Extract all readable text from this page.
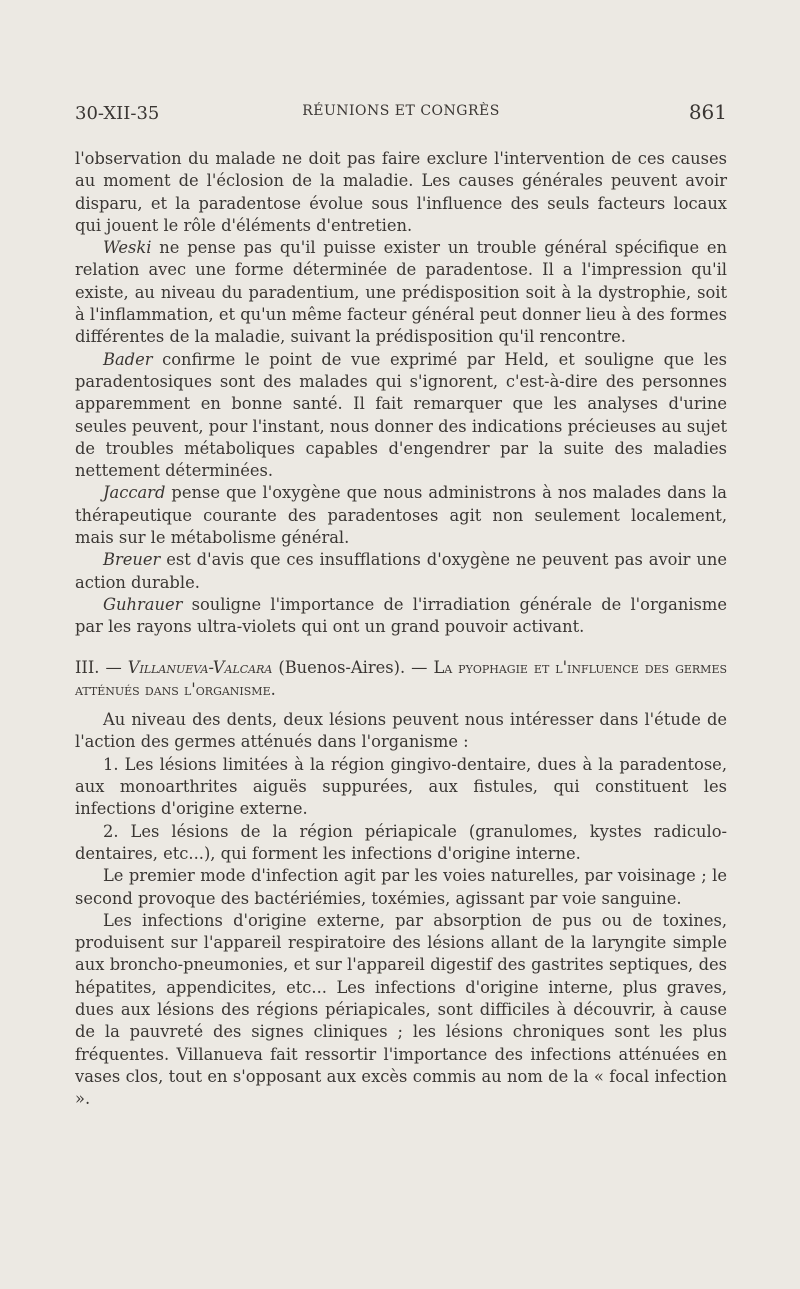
30-XII-35	RÉUNIONS ET CONGRÈS	861

l'observation du malade ne doit pas faire exclure l'intervention de ces causes au moment de l'éclosion de la maladie. Les causes générales peuvent avoir disparu, et la paradentose évolue sous l'influence des seuls facteurs locaux qui jouent le rôle d'éléments d'entretien.

Weski ne pense pas qu'il puisse exister un trouble général spécifique en relation avec une forme déterminée de paradentose. Il a l'impression qu'il existe, au niveau du paradentium, une prédisposition soit à la dystrophie, soit à l'inflammation, et qu'un même facteur général peut donner lieu à des formes différentes de la maladie, suivant la prédisposition qu'il rencontre.

Bader confirme le point de vue exprimé par Held, et souligne que les paradentosiques sont des malades qui s'ignorent, c'est-à-dire des personnes apparemment en bonne santé. Il fait remarquer que les analyses d'urine seules peuvent, pour l'instant, nous donner des indications précieuses au sujet de troubles métaboliques capables d'engendrer par la suite des maladies nettement déterminées.

Jaccard pense que l'oxygène que nous administrons à nos malades dans la thérapeutique courante des paradentoses agit non seulement localement, mais sur le métabolisme général.

Breuer est d'avis que ces insufflations d'oxygène ne peuvent pas avoir une action durable.

Guhrauer souligne l'importance de l'irradiation générale de l'organisme par les rayons ultra-violets qui ont un grand pouvoir activant.

III. — Villanueva-Valcara (Buenos-Aires). — La pyophagie et l'influence des germes atténués dans l'organisme.

Au niveau des dents, deux lésions peuvent nous intéresser dans l'étude de l'action des germes atténués dans l'organisme :

1. Les lésions limitées à la région gingivo-dentaire, dues à la paradentose, aux monoarthrites aiguës suppurées, aux fistules, qui constituent les infections d'origine externe.

2. Les lésions de la région périapicale (granulomes, kystes radiculo-dentaires, etc...), qui forment les infections d'origine interne.

Le premier mode d'infection agit par les voies naturelles, par voisinage ; le second provoque des bactériémies, toxémies, agissant par voie sanguine.

Les infections d'origine externe, par absorption de pus ou de toxines, produisent sur l'appareil respiratoire des lésions allant de la laryngite simple aux broncho-pneumonies, et sur l'appareil digestif des gastrites septiques, des hépatites, appendicites, etc... Les infections d'origine interne, plus graves, dues aux lésions des régions périapicales, sont difficiles à découvrir, à cause de la pauvreté des signes cliniques ; les lésions chroniques sont les plus fréquentes. Villanueva fait ressortir l'importance des infections atténuées en vases clos, tout en s'opposant aux excès commis au nom de la « focal infection ».
